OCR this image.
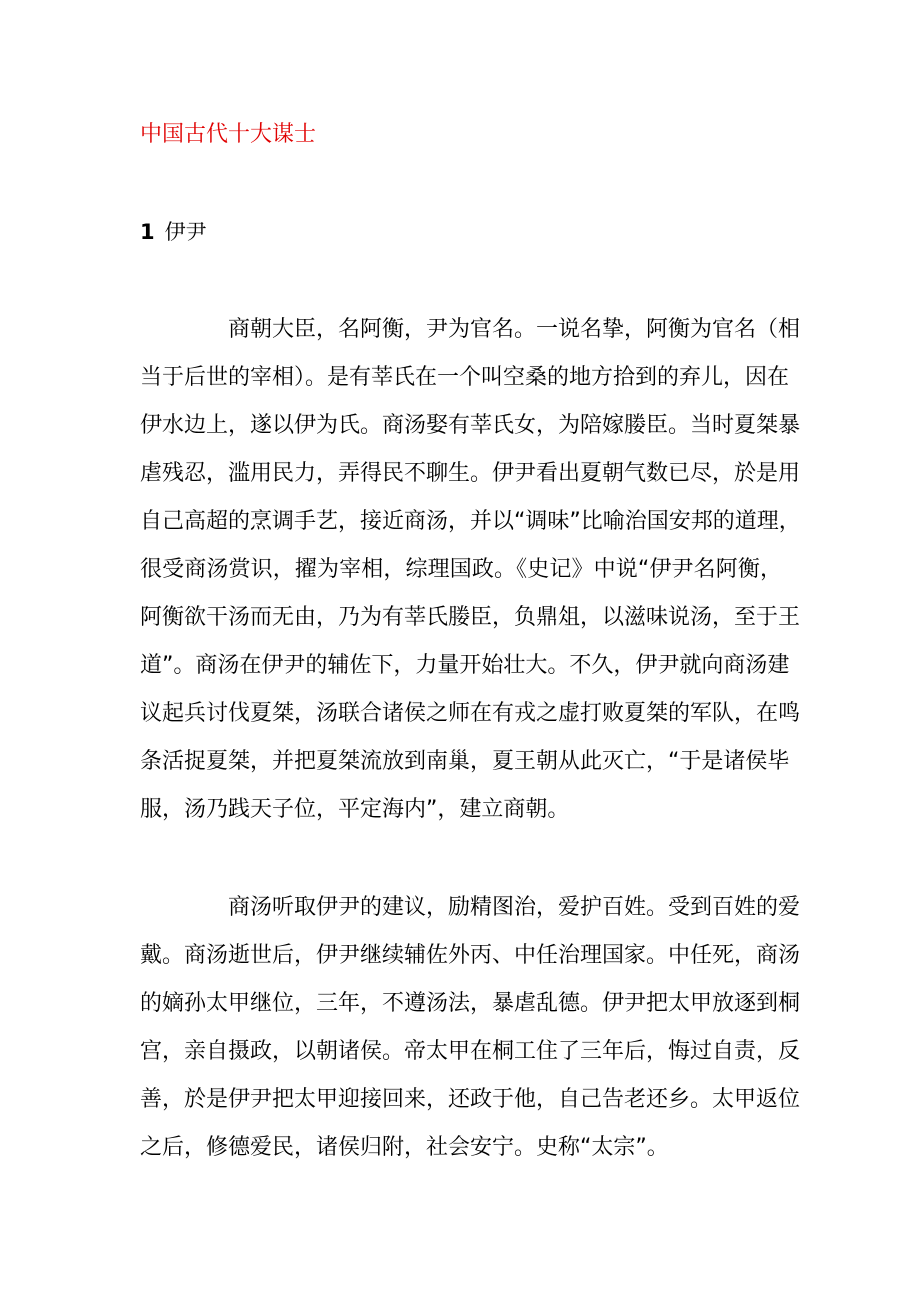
中国古代十大谋士
1 伊尹
商朝大臣，名阿衡，尹为官名。一说名挚，阿衡为官名（相
当于后世的宰相）。是有莘氏在一个叫空桑的地方拾到的弃儿，因在
伊水边上，遂以伊为氏。商汤娶有莘氏女，为陪嫁媵臣。当时夏桀暴
虐残忍，滥用民力，弄得民不聊生。伊尹看出夏朝气数已尽，於是用
自己高超的烹调手艺，接近商汤，并以“调味”比喻治国安邦的道理，
很受商汤赏识，擢为宰相，综理国政。《史记》中说“伊尹名阿衡，
阿衡欲干汤而无由，乃为有莘氏媵臣，负鼎俎，以滋味说汤，至于王
道”。商汤在伊尹的辅佐下，力量开始壮大。不久，伊尹就向商汤建
议起兵讨伐夏桀，汤联合诸侯之师在有戎之虚打败夏桀的军队，在鸣
条活捉夏桀，并把夏桀流放到南巢，夏王朝从此灭亡，“于是诸侯毕
服，汤乃践天子位，平定海内”，建立商朝。
商汤听取伊尹的建议，励精图治，爱护百姓。受到百姓的爱
戴。商汤逝世后，伊尹继续辅佐外丙、中任治理国家。中任死，商汤
的嫡孙太甲继位，三年，不遵汤法，暴虐乱德。伊尹把太甲放逐到桐
宫，亲自摄政，以朝诸侯。帝太甲在桐工住了三年后，悔过自责，反
善，於是伊尹把太甲迎接回来，还政于他，自己告老还乡。太甲返位
之后，修德爱民，诸侯归附，社会安宁。史称“太宗”。
